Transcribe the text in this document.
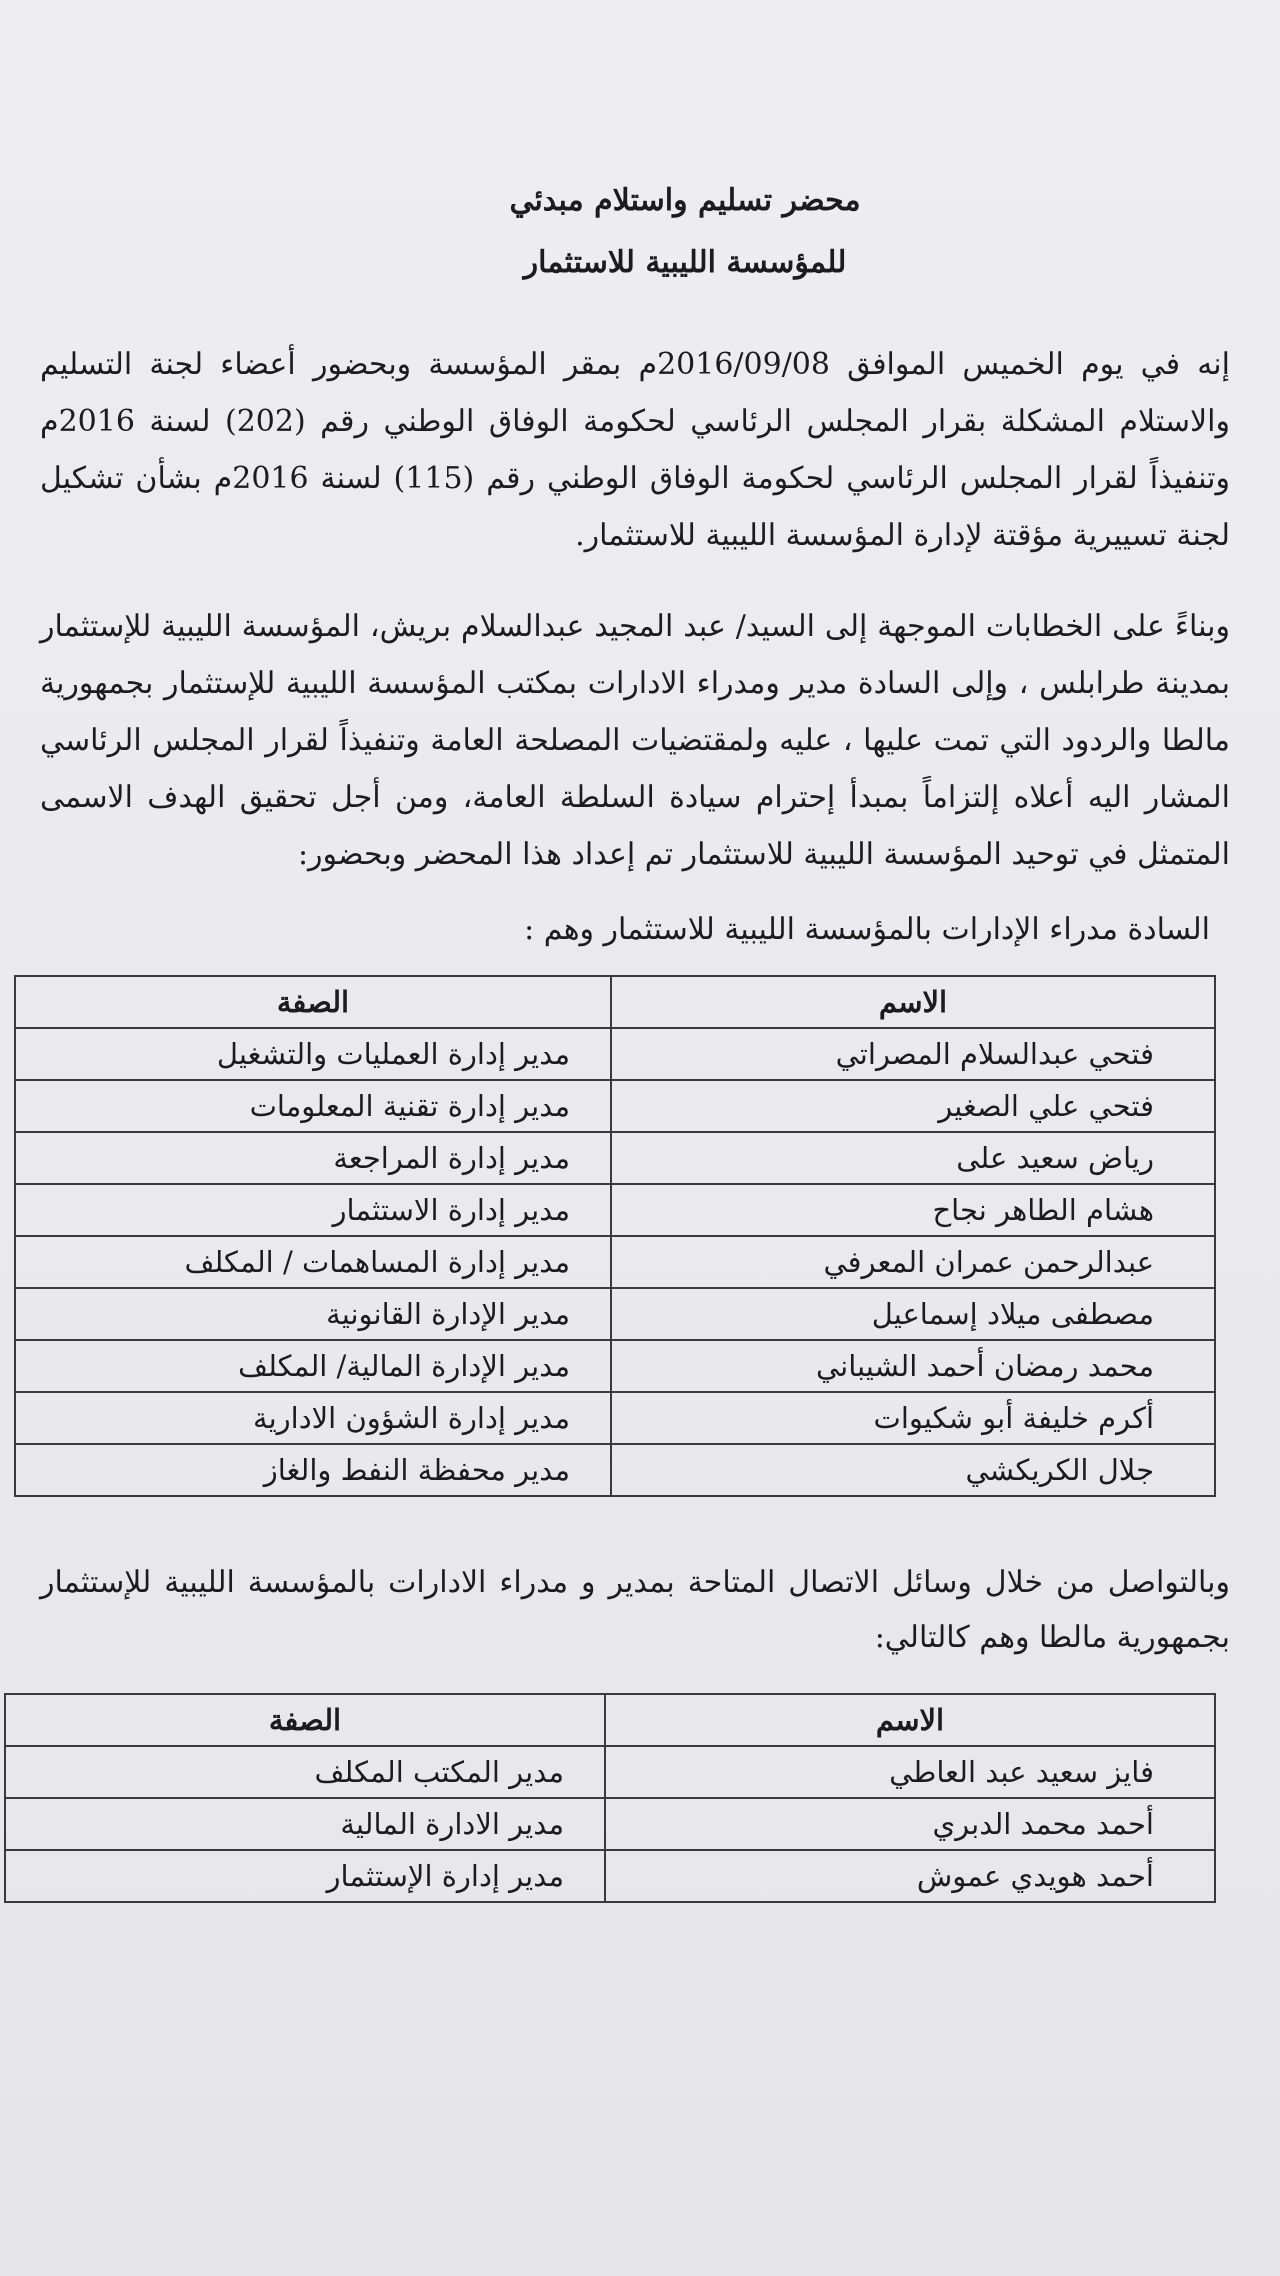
محضر تسليم واستلام مبدئي
للمؤسسة الليبية للاستثمار

إنه في يوم الخميس الموافق 2016/09/08م بمقر المؤسسة وبحضور أعضاء لجنة التسليم والاستلام المشكلة بقرار المجلس الرئاسي لحكومة الوفاق الوطني رقم (202) لسنة 2016م وتنفيذاً لقرار المجلس الرئاسي لحكومة الوفاق الوطني رقم (115) لسنة 2016م بشأن تشكيل لجنة تسييرية مؤقتة لإدارة المؤسسة الليبية للاستثمار.

وبناءً على الخطابات الموجهة إلى السيد/ عبد المجيد عبدالسلام بريش، المؤسسة الليبية للإستثمار بمدينة طرابلس ، وإلى السادة مدير ومدراء الادارات بمكتب المؤسسة الليبية للإستثمار بجمهورية مالطا والردود التي تمت عليها ، عليه ولمقتضيات المصلحة العامة وتنفيذاً لقرار المجلس الرئاسي المشار اليه أعلاه إلتزاماً بمبدأ إحترام سيادة السلطة العامة، ومن أجل تحقيق الهدف الاسمى المتمثل في توحيد المؤسسة الليبية للاستثمار تم إعداد هذا المحضر وبحضور:

السادة مدراء الإدارات بالمؤسسة الليبية للاستثمار وهم :
الاسم	الصفة
فتحي عبدالسلام المصراتي	مدير إدارة العمليات والتشغيل
فتحي علي الصغير	مدير إدارة تقنية المعلومات
رياض سعيد على	مدير إدارة المراجعة
هشام الطاهر نجاح	مدير إدارة الاستثمار
عبدالرحمن عمران المعرفي	مدير إدارة المساهمات / المكلف
مصطفى ميلاد إسماعيل	مدير الإدارة القانونية
محمد رمضان أحمد الشيباني	مدير الإدارة المالية/ المكلف
أكرم خليفة أبو شكيوات	مدير إدارة الشؤون الادارية
جلال الكريكشي	مدير محفظة النفط والغاز

وبالتواصل من خلال وسائل الاتصال المتاحة بمدير و مدراء الادارات بالمؤسسة الليبية للإستثمار بجمهورية مالطا وهم كالتالي:

الاسم	الصفة
فايز سعيد عبد العاطي	مدير المكتب المكلف
أحمد محمد الدبري	مدير الادارة المالية
أحمد هويدي عموش	مدير إدارة الإستثمار
